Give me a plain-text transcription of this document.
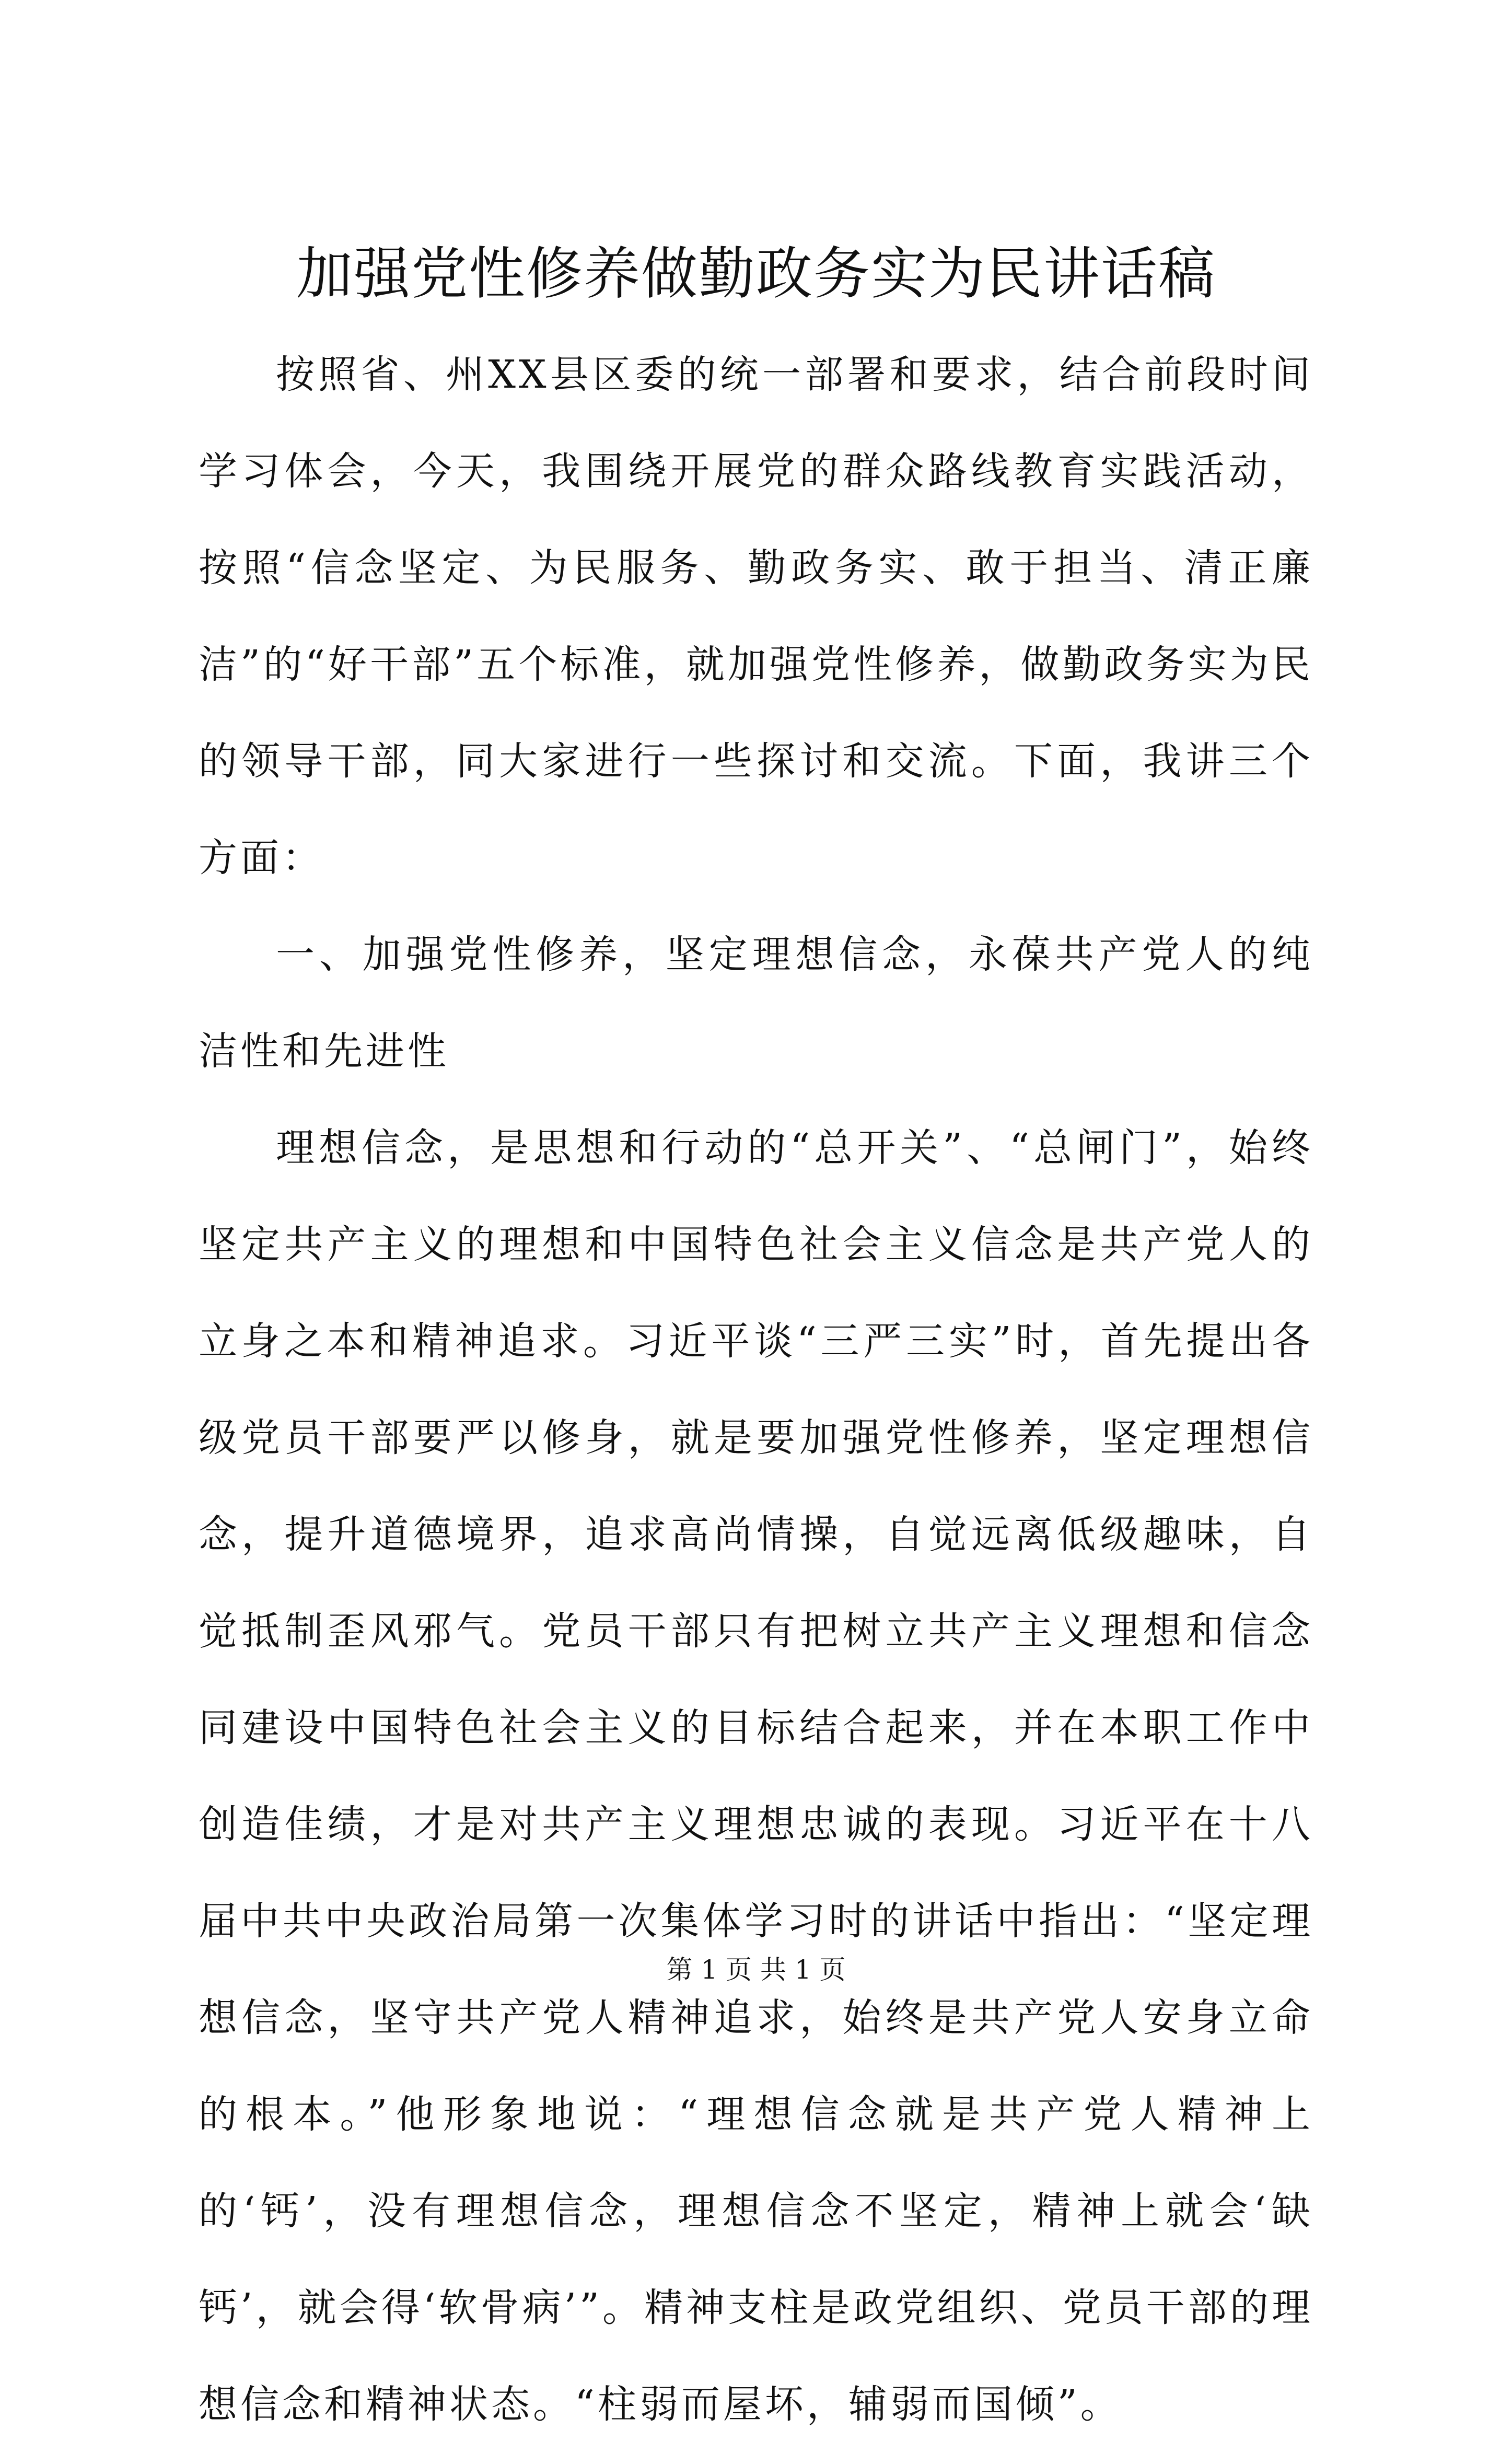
加强党性修养做勤政务实为民讲话稿

按照省、州XX县区委的统一部署和要求，结合前段时间学习体会，今天，我围绕开展党的群众路线教育实践活动，按照“信念坚定、为民服务、勤政务实、敢于担当、清正廉洁”的“好干部”五个标准，就加强党性修养，做勤政务实为民的领导干部，同大家进行一些探讨和交流。下面，我讲三个方面：

一、加强党性修养，坚定理想信念，永葆共产党人的纯洁性和先进性

理想信念，是思想和行动的“总开关”、“总闸门”，始终坚定共产主义的理想和中国特色社会主义信念是共产党人的立身之本和精神追求。习近平谈“三严三实”时，首先提出各级党员干部要严以修身，就是要加强党性修养，坚定理想信念，提升道德境界，追求高尚情操，自觉远离低级趣味，自觉抵制歪风邪气。党员干部只有把树立共产主义理想和信念同建设中国特色社会主义的目标结合起来，并在本职工作中创造佳绩，才是对共产主义理想忠诚的表现。习近平在十八届中共中央政治局第一次集体学习时的讲话中指出：“坚定理想信念，坚守共产党人精神追求，始终是共产党人安身立命的根本。”他形象地说：“理想信念就是共产党人精神上的‘钙’，没有理想信念，理想信念不坚定，精神上就会‘缺钙’，就会得‘软骨病’”。精神支柱是政党组织、党员干部的理想信念和精神状态。“柱弱而屋坏，辅弱而国倾”。

第 1 页 共 1 页
